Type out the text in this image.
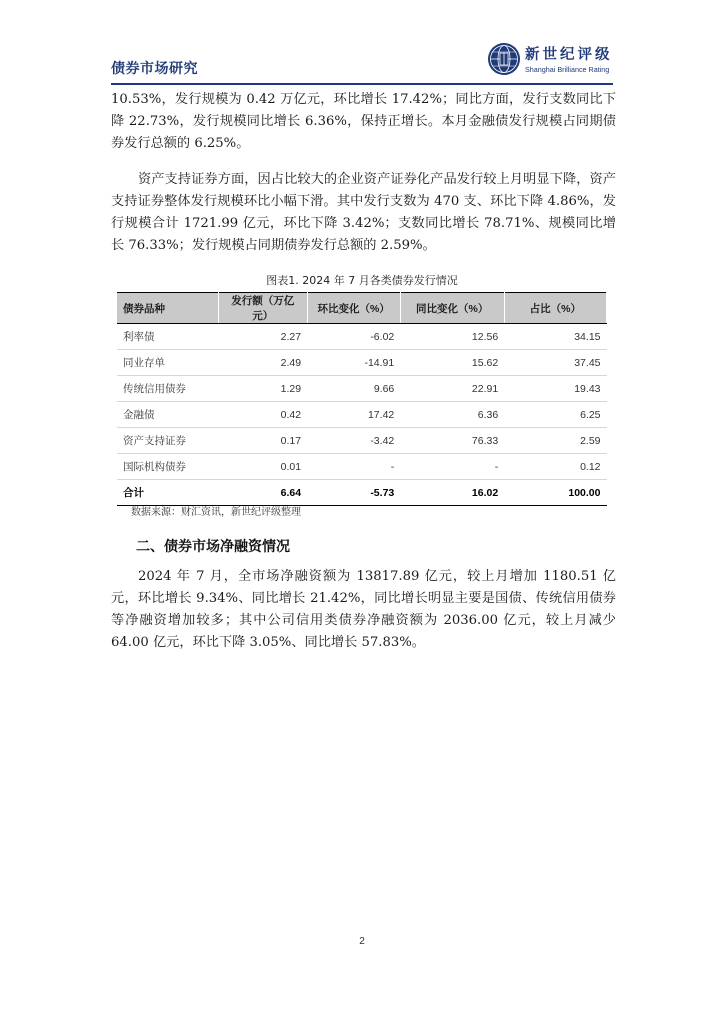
债券市场研究
新世纪评级
Shanghai Brilliance Rating

10.53%，发行规模为 0.42 万亿元，环比增长 17.42%；同比方面，发行支数同比下降 22.73%，发行规模同比增长 6.36%，保持正增长。本月金融债发行规模占同期债券发行总额的 6.25%。

资产支持证券方面，因占比较大的企业资产证券化产品发行较上月明显下降，资产支持证券整体发行规模环比小幅下滑。其中发行支数为 470 支、环比下降 4.86%，发行规模合计 1721.99 亿元，环比下降 3.42%；支数同比增长 78.71%、规模同比增长 76.33%；发行规模占同期债券发行总额的 2.59%。

图表1. 2024 年 7 月各类债券发行情况
债券品种	发行额（万亿元）	环比变化（%）	同比变化（%）	占比（%）
利率债	2.27	-6.02	12.56	34.15
同业存单	2.49	-14.91	15.62	37.45
传统信用债券	1.29	9.66	22.91	19.43
金融债	0.42	17.42	6.36	6.25
资产支持证券	0.17	-3.42	76.33	2.59
国际机构债券	0.01	-	-	0.12
合计	6.64	-5.73	16.02	100.00
数据来源：财汇资讯，新世纪评级整理
二、债券市场净融资情况

2024 年 7 月，全市场净融资额为 13817.89 亿元，较上月增加 1180.51 亿元，环比增长 9.34%、同比增长 21.42%，同比增长明显主要是国债、传统信用债券等净融资增加较多；其中公司信用类债券净融资额为 2036.00 亿元，较上月减少 64.00 亿元，环比下降 3.05%、同比增长 57.83%。

2
